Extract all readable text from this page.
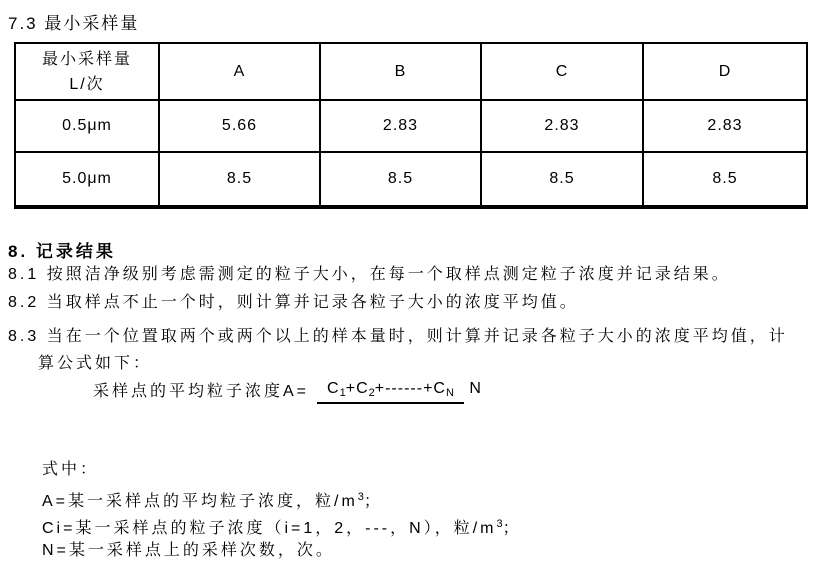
7.3 最小采样量
最小采样量
L/次	A	B	C	D
0.5μm	5.66	2.83	2.83	2.83
5.0μm	8.5	8.5	8.5	8.5
8. 记录结果
8.1 按照洁净级别考虑需测定的粒子大小，在每一个取样点测定粒子浓度并记录结果。
8.2 当取样点不止一个时，则计算并记录各粒子大小的浓度平均值。
8.3 当在一个位置取两个或两个以上的样本量时，则计算并记录各粒子大小的浓度平均值，计
算公式如下：
采样点的平均粒子浓度A=	$C_1+C_2+------+C_N$ N
式中：
A=某一采样点的平均粒子浓度，粒$/m^3$；
Ci=某一采样点的粒子浓度（i=1，2，---，N），粒$/m^3$；
N=某一采样点上的采样次数，次。
